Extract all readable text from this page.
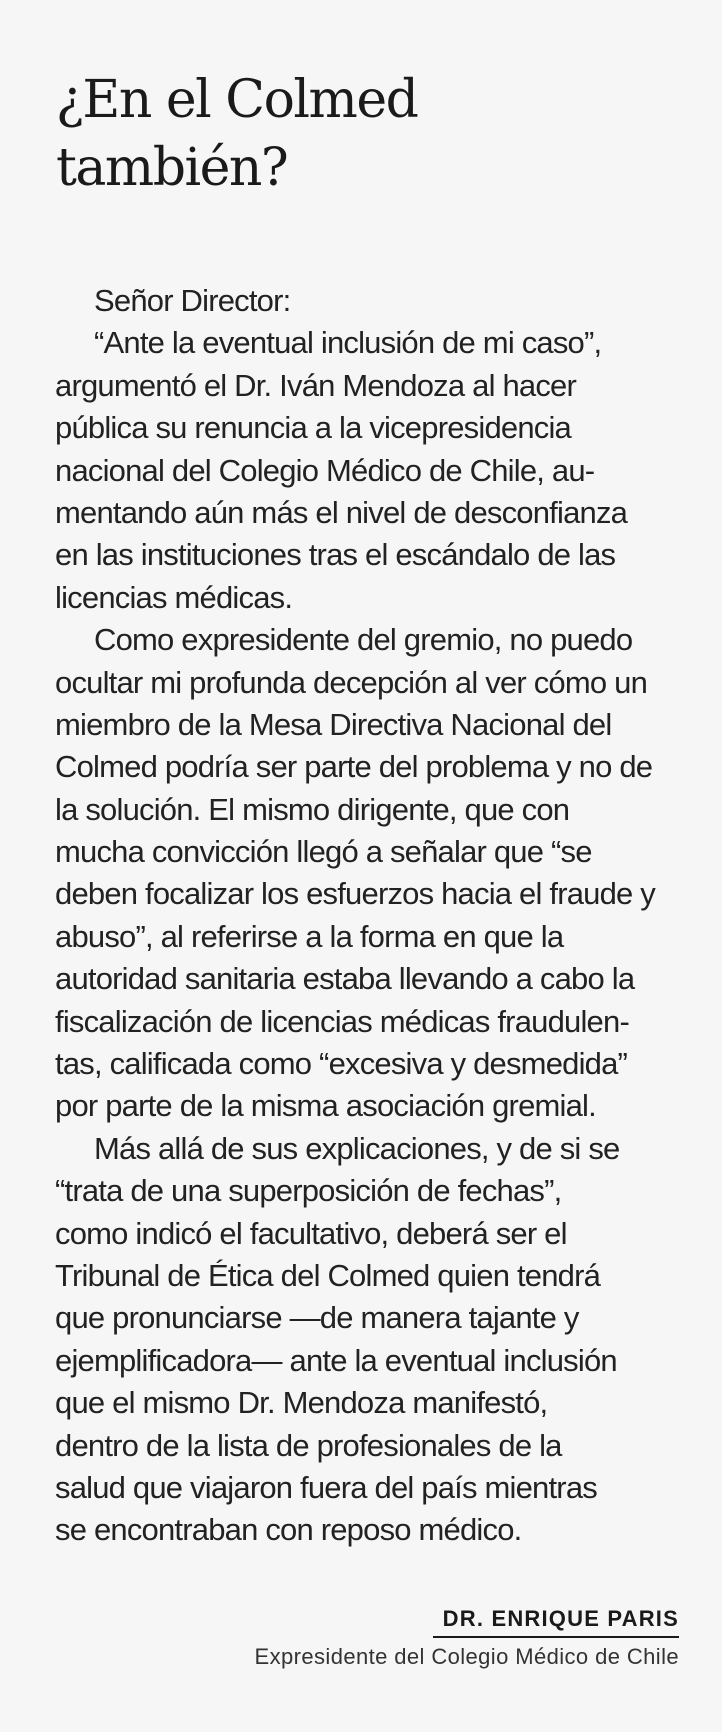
¿En el Colmed
también?
Señor Director:
“Ante la eventual inclusión de mi caso”,
argumentó el Dr. Iván Mendoza al hacer
pública su renuncia a la vicepresidencia
nacional del Colegio Médico de Chile, au-
mentando aún más el nivel de desconfianza
en las instituciones tras el escándalo de las
licencias médicas.
Como expresidente del gremio, no puedo
ocultar mi profunda decepción al ver cómo un
miembro de la Mesa Directiva Nacional del
Colmed podría ser parte del problema y no de
la solución. El mismo dirigente, que con
mucha convicción llegó a señalar que “se
deben focalizar los esfuerzos hacia el fraude y
abuso”, al referirse a la forma en que la
autoridad sanitaria estaba llevando a cabo la
fiscalización de licencias médicas fraudulen-
tas, calificada como “excesiva y desmedida”
por parte de la misma asociación gremial.
Más allá de sus explicaciones, y de si se
“trata de una superposición de fechas”,
como indicó el facultativo, deberá ser el
Tribunal de Ética del Colmed quien tendrá
que pronunciarse —de manera tajante y
ejemplificadora— ante la eventual inclusión
que el mismo Dr. Mendoza manifestó,
dentro de la lista de profesionales de la
salud que viajaron fuera del país mientras
se encontraban con reposo médico.
DR. ENRIQUE PARIS
Expresidente del Colegio Médico de Chile
